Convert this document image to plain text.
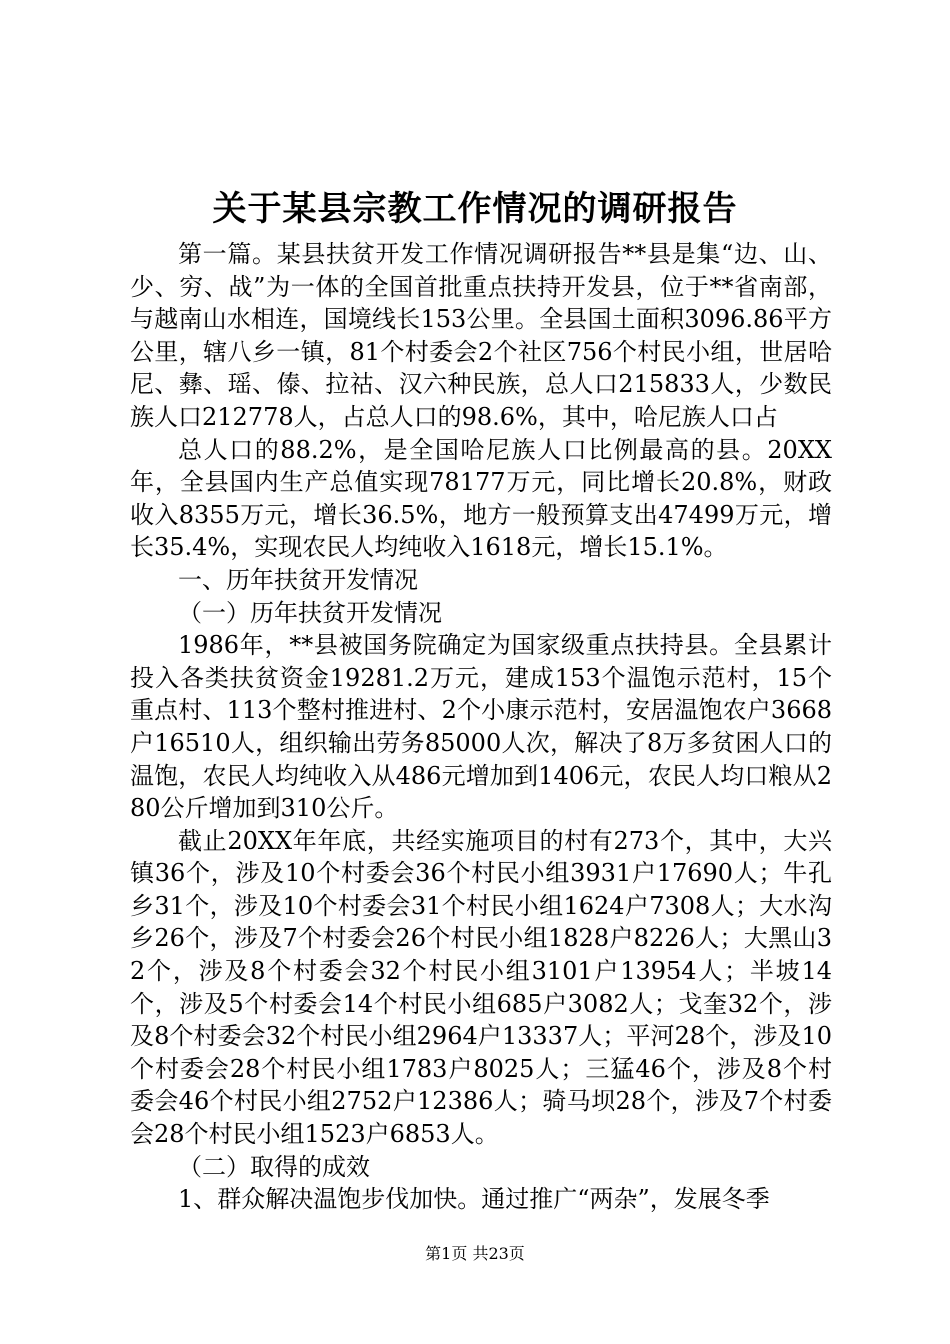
关于某县宗教工作情况的调研报告

第一篇。某县扶贫开发工作情况调研报告**县是集“边、山、少、穷、战”为一体的全国首批重点扶持开发县，位于**省南部，与越南山水相连，国境线长153公里。全县国土面积3096.86平方公里，辖八乡一镇，81个村委会2个社区756个村民小组，世居哈尼、彝、瑶、傣、拉祜、汉六种民族，总人口215833人，少数民族人口212778人，占总人口的98.6%，其中，哈尼族人口占

总人口的88.2%，是全国哈尼族人口比例最高的县。20XX年，全县国内生产总值实现78177万元，同比增长20.8%，财政收入8355万元，增长36.5%，地方一般预算支出47499万元，增长35.4%，实现农民人均纯收入1618元，增长15.1%。

一、历年扶贫开发情况

（一）历年扶贫开发情况

1986年，**县被国务院确定为国家级重点扶持县。全县累计投入各类扶贫资金19281.2万元，建成153个温饱示范村，15个重点村、113个整村推进村、2个小康示范村，安居温饱农户3668户16510人，组织输出劳务85000人次，解决了8万多贫困人口的温饱，农民人均纯收入从486元增加到1406元，农民人均口粮从280公斤增加到310公斤。

截止20XX年年底，共经实施项目的村有273个，其中，大兴镇36个，涉及10个村委会36个村民小组3931户17690人；牛孔乡31个，涉及10个村委会31个村民小组1624户7308人；大水沟乡26个，涉及7个村委会26个村民小组1828户8226人；大黑山32个，涉及8个村委会32个村民小组3101户13954人；半坡14个，涉及5个村委会14个村民小组685户3082人；戈奎32个，涉及8个村委会32个村民小组2964户13337人；平河28个，涉及10个村委会28个村民小组1783户8025人；三猛46个，涉及8个村委会46个村民小组2752户12386人；骑马坝28个，涉及7个村委会28个村民小组1523户6853人。

（二）取得的成效

1、群众解决温饱步伐加快。通过推广“两杂”，发展冬季

第1页 共23页
